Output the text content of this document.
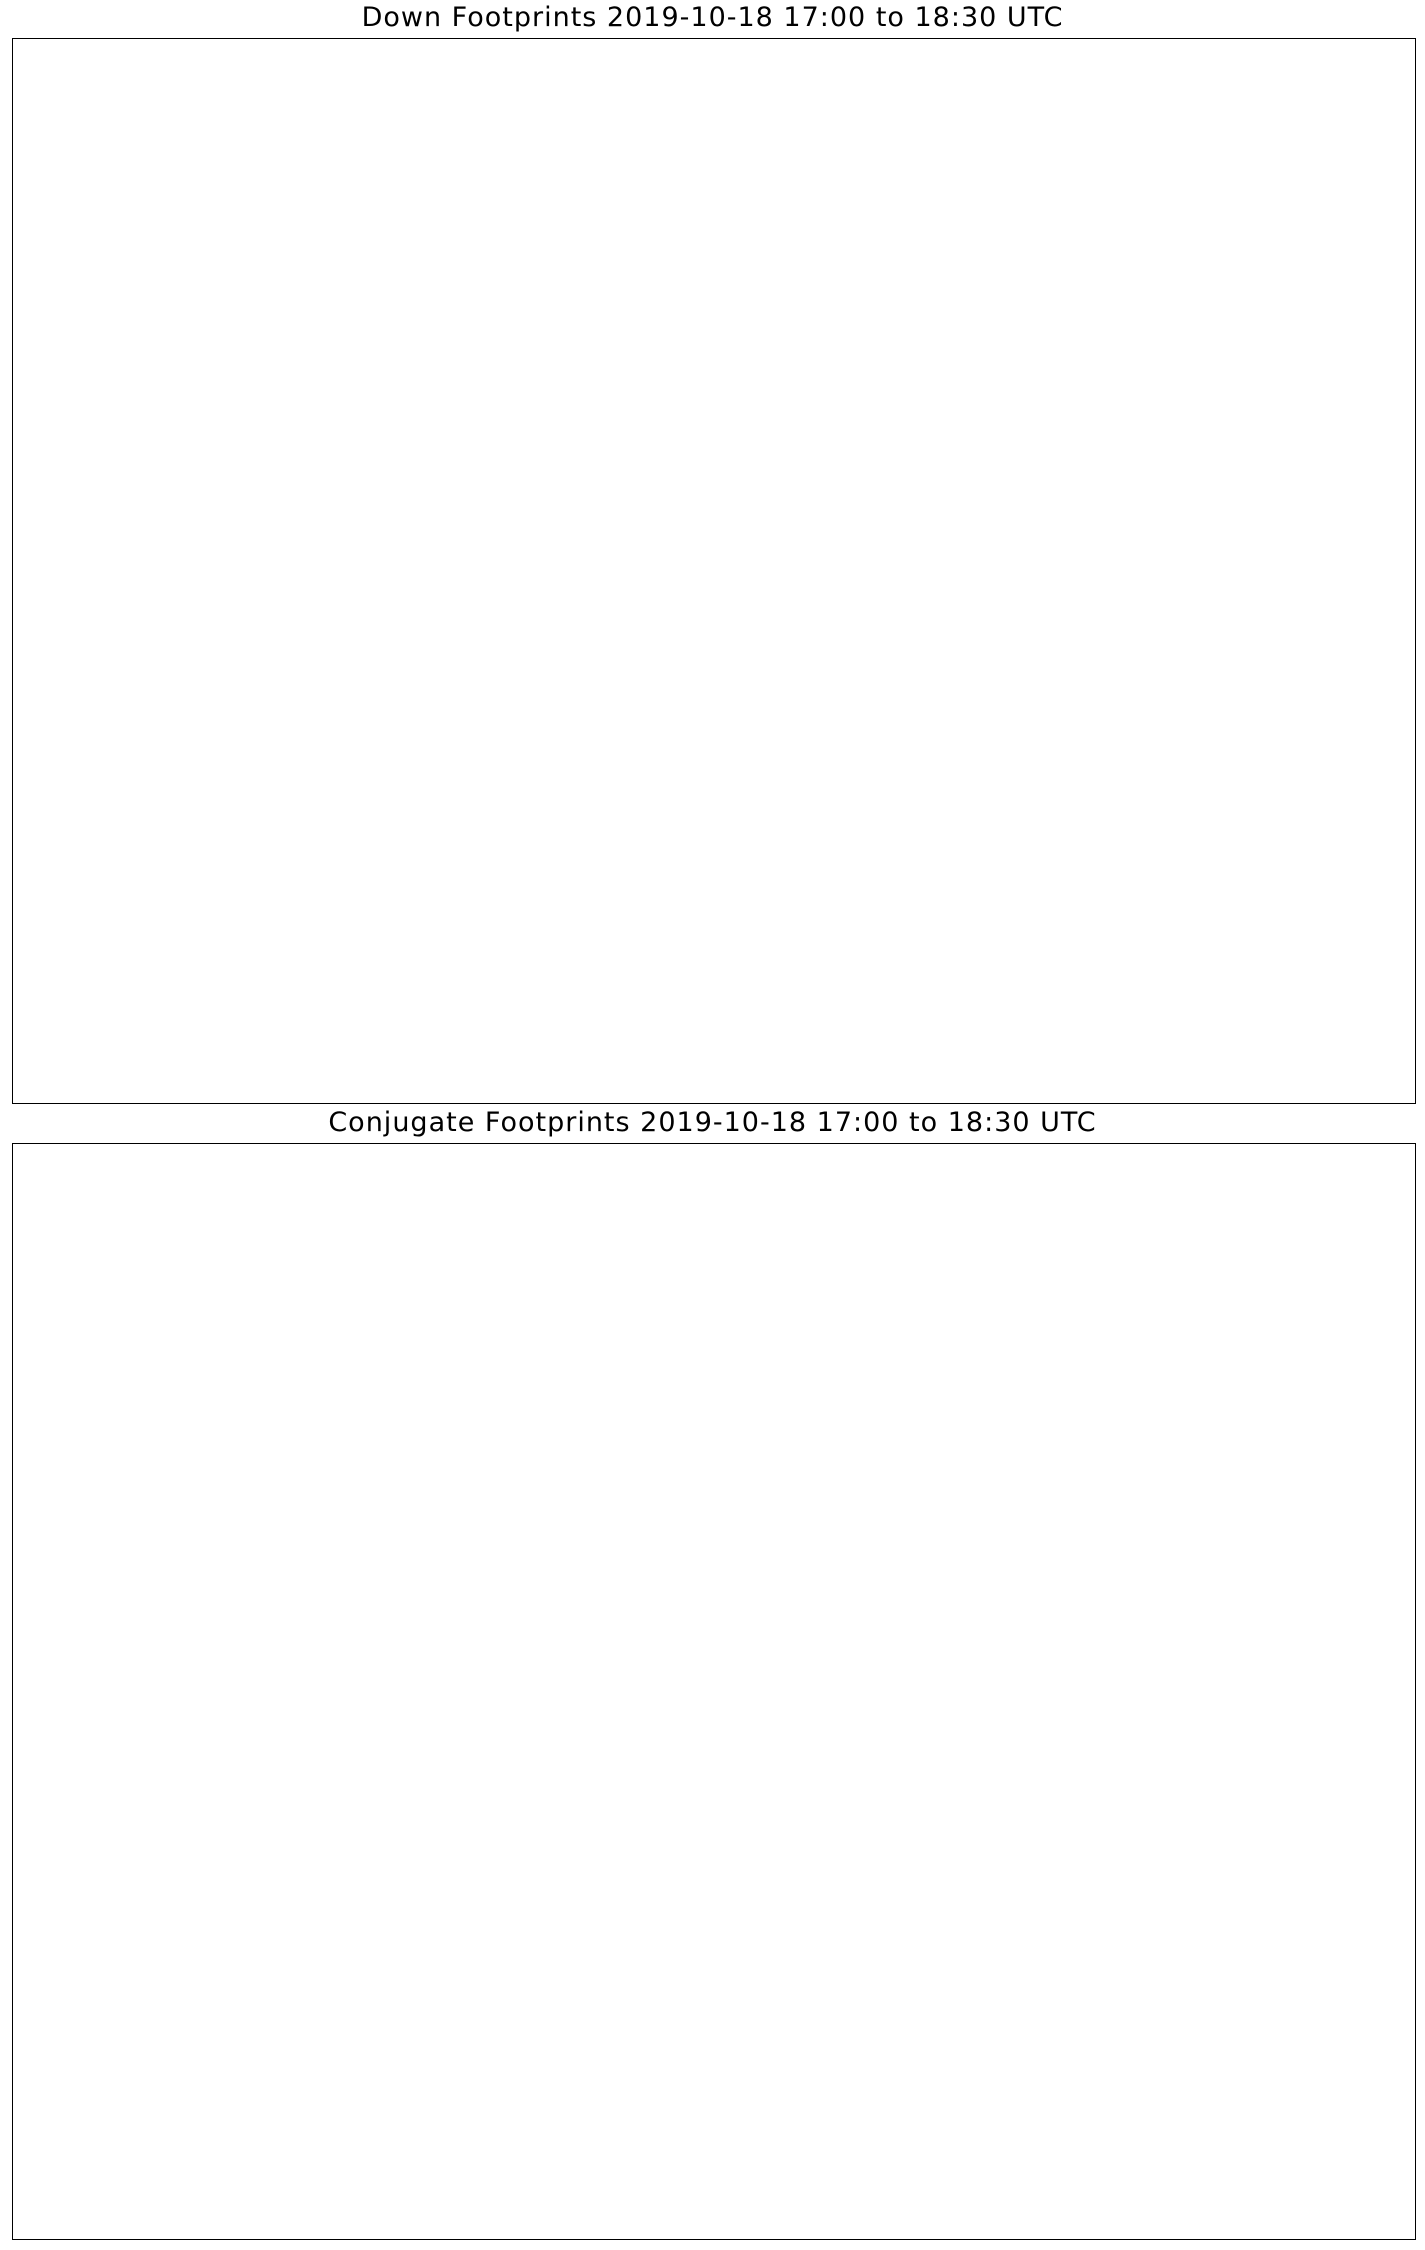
Down Footprints 2019-10-18 17:00 to 18:30 UTC
Conjugate Footprints 2019-10-18 17:00 to 18:30 UTC
